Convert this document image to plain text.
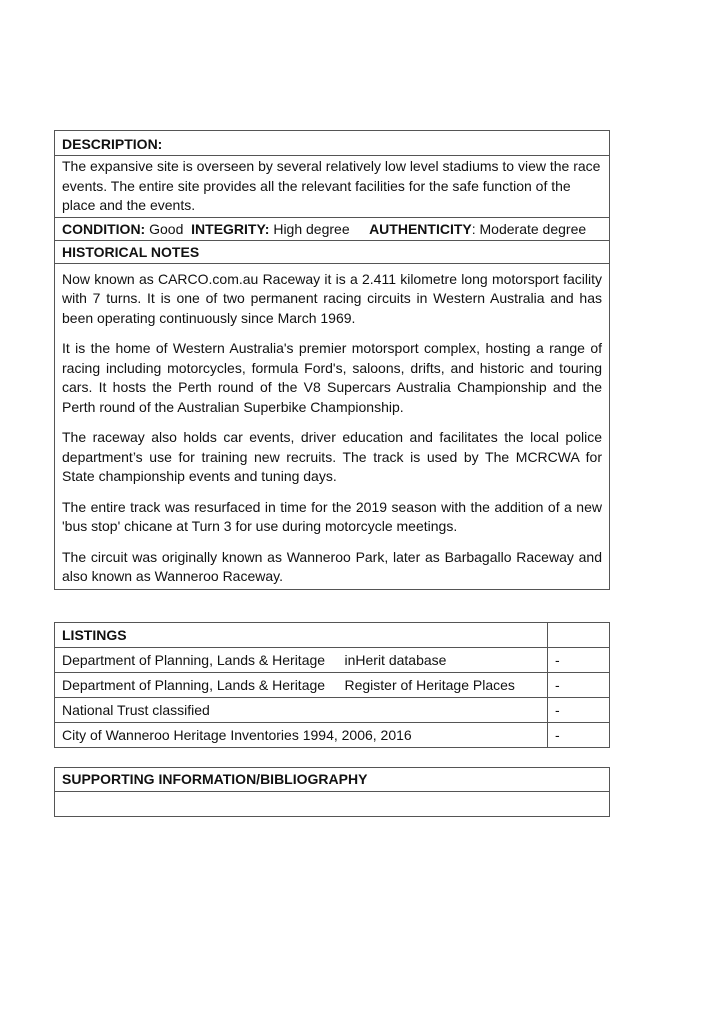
DESCRIPTION:
The expansive site is overseen by several relatively low level stadiums to view the race events. The entire site provides all the relevant facilities for the safe function of the place and the events.
CONDITION: Good  INTEGRITY: High degree     AUTHENTICITY: Moderate degree
HISTORICAL NOTES

Now known as CARCO.com.au Raceway it is a 2.411 kilometre long motorsport facility with 7 turns. It is one of two permanent racing circuits in Western Australia and has been operating continuously since March 1969.

It is the home of Western Australia's premier motorsport complex, hosting a range of racing including motorcycles, formula Ford's, saloons, drifts, and historic and touring cars. It hosts the Perth round of the V8 Supercars Australia Championship and the Perth round of the Australian Superbike Championship.

The raceway also holds car events, driver education and facilitates the local police department’s use for training new recruits. The track is used by The MCRCWA for State championship events and tuning days.

The entire track was resurfaced in time for the 2019 season with the addition of a new 'bus stop' chicane at Turn 3 for use during motorcycle meetings.

The circuit was originally known as Wanneroo Park, later as Barbagallo Raceway and also known as Wanneroo Raceway.

LISTINGS
Department of Planning, Lands & Heritage     inHerit database	-
Department of Planning, Lands & Heritage     Register of Heritage Places	-
National Trust classified	-
City of Wanneroo Heritage Inventories 1994, 2006, 2016	-
SUPPORTING INFORMATION/BIBLIOGRAPHY
